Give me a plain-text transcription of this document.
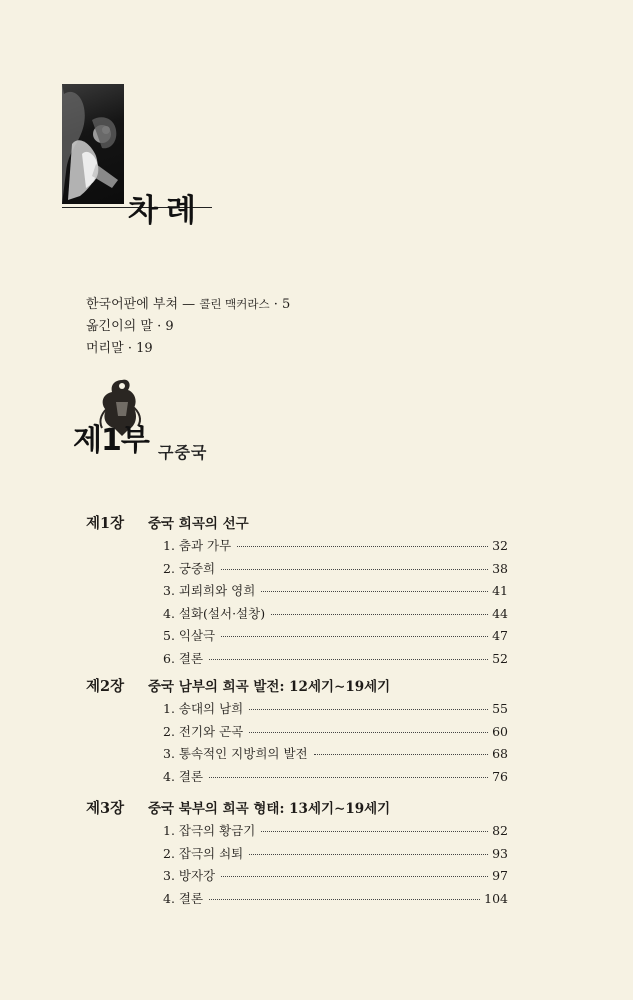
차례
한국어판에 부쳐 — 콜린 맥커라스 · 5
옮긴이의 말 · 9
머리말 · 19
제1부 구중국
제1장 중국 희곡의 선구
1. 춤과 가무	32
2. 궁중희	38
3. 괴뢰희와 영희	41
4. 설화(설서·설창)	44
5. 익살극	47
6. 결론	52
제2장 중국 남부의 희곡 발전: 12세기∼19세기
1. 송대의 남희	55
2. 전기와 곤곡	60
3. 통속적인 지방희의 발전	68
4. 결론	76
제3장 중국 북부의 희곡 형태: 13세기∼19세기
1. 잡극의 황금기	82
2. 잡극의 쇠퇴	93
3. 방자강	97
4. 결론	104
